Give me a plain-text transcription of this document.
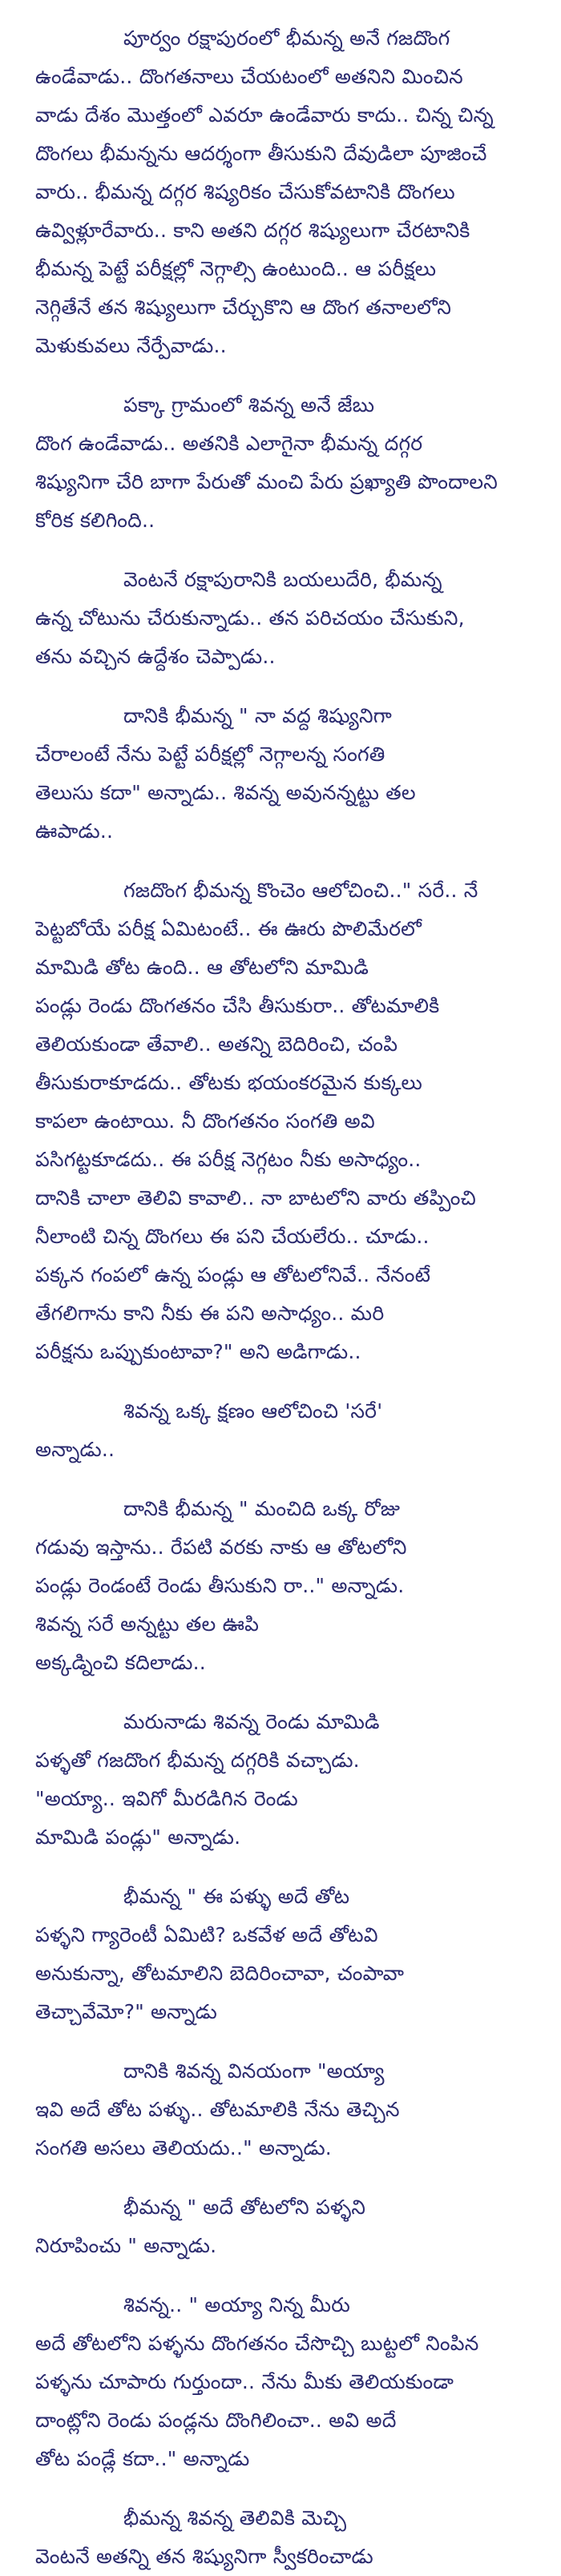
పూర్వం రక్షాపురంలో భీమన్న అనే గజదొంగ
ఉండేవాడు.. దొంగతనాలు చేయటంలో అతనిని మించిన
వాడు దేశం మొత్తంలో ఎవరూ ఉండేవారు కాదు.. చిన్న చిన్న
దొంగలు భీమన్నను ఆదర్శంగా తీసుకుని దేవుడిలా పూజించే
వారు.. భీమన్న దగ్గర శిష్యరికం చేసుకోవటానికి దొంగలు
ఉవ్విళ్లూరేవారు.. కాని అతని దగ్గర శిష్యులుగా చేరటానికి
భీమన్న పెట్టే పరీక్షల్లో నెగ్గాల్సి ఉంటుంది.. ఆ పరీక్షలు
నెగ్గితేనే తన శిష్యులుగా చేర్చుకొని ఆ దొంగ తనాలలోని
మెళుకువలు నేర్పేవాడు..
పక్కా గ్రామంలో శివన్న అనే జేబు
దొంగ ఉండేవాడు.. అతనికి ఎలాగైనా భీమన్న దగ్గర
శిష్యునిగా చేరి బాగా పేరుతో మంచి పేరు ప్రఖ్యాతి పొందాలని
కోరిక కలిగింది..
వెంటనే రక్షాపురానికి బయలుదేరి, భీమన్న
ఉన్న చోటును చేరుకున్నాడు.. తన పరిచయం చేసుకుని,
తను వచ్చిన ఉద్దేశం చెప్పాడు..
దానికి భీమన్న " నా వద్ద శిష్యునిగా
చేరాలంటే నేను పెట్టే పరీక్షల్లో నెగ్గాలన్న సంగతి
తెలుసు కదా" అన్నాడు.. శివన్న అవునన్నట్టు తల
ఊపాడు..
గజదొంగ భీమన్న కొంచెం ఆలోచించి.." సరే.. నే
పెట్టబోయే పరీక్ష ఏమిటంటే.. ఈ ఊరు పొలిమేరలో
మామిడి తోట ఉంది.. ఆ తోటలోని మామిడి
పండ్లు రెండు దొంగతనం చేసి తీసుకురా.. తోటమాలికి
తెలియకుండా తేవాలి.. అతన్ని బెదిరించి, చంపి
తీసుకురాకూడదు.. తోటకు భయంకరమైన కుక్కలు
కాపలా ఉంటాయి. నీ దొంగతనం సంగతి అవి
పసిగట్టకూడదు.. ఈ పరీక్ష నెగ్గటం నీకు అసాధ్యం..
దానికి చాలా తెలివి కావాలి.. నా బాటలోని వారు తప్పించి
నీలాంటి చిన్న దొంగలు ఈ పని చేయలేరు.. చూడు..
పక్కన గంపలో ఉన్న పండ్లు ఆ తోటలోనివే.. నేనంటే
తేగలిగాను కాని నీకు ఈ పని అసాధ్యం.. మరి
పరీక్షను ఒప్పుకుంటావా?" అని అడిగాడు..
శివన్న ఒక్క క్షణం ఆలోచించి 'సరే'
అన్నాడు..
దానికి భీమన్న " మంచిది ఒక్క రోజు
గడువు ఇస్తాను.. రేపటి వరకు నాకు ఆ తోటలోని
పండ్లు రెండంటే రెండు తీసుకుని రా.." అన్నాడు.
శివన్న సరే అన్నట్టు తల ఊపి
అక్కడ్నించి కదిలాడు..
మరునాడు శివన్న రెండు మామిడి
పళ్ళతో గజదొంగ భీమన్న దగ్గరికి వచ్చాడు.
"అయ్యా.. ఇవిగో మీరడిగిన రెండు
మామిడి పండ్లు" అన్నాడు.
భీమన్న " ఈ పళ్ళు అదే తోట
పళ్ళని గ్యారెంటీ ఏమిటి? ఒకవేళ అదే తోటవి
అనుకున్నా, తోటమాలిని బెదిరించావా, చంపావా
తెచ్చావేమో?" అన్నాడు
దానికి శివన్న వినయంగా "అయ్యా
ఇవి అదే తోట పళ్ళు.. తోటమాలికి నేను తెచ్చిన
సంగతి అసలు తెలియదు.." అన్నాడు.
భీమన్న " అదే తోటలోని పళ్ళని
నిరూపించు " అన్నాడు.
శివన్న.. " అయ్యా నిన్న మీరు
అదే తోటలోని పళ్ళను దొంగతనం చేసొచ్చి బుట్టలో నింపిన
పళ్ళను చూపారు గుర్తుందా.. నేను మీకు తెలియకుండా
దాంట్లోని రెండు పండ్లను దొంగిలించా.. అవి అదే
తోట పండ్లే కదా.." అన్నాడు
భీమన్న శివన్న తెలివికి మెచ్చి
వెంటనే అతన్ని తన శిష్యునిగా స్వీకరించాడు
